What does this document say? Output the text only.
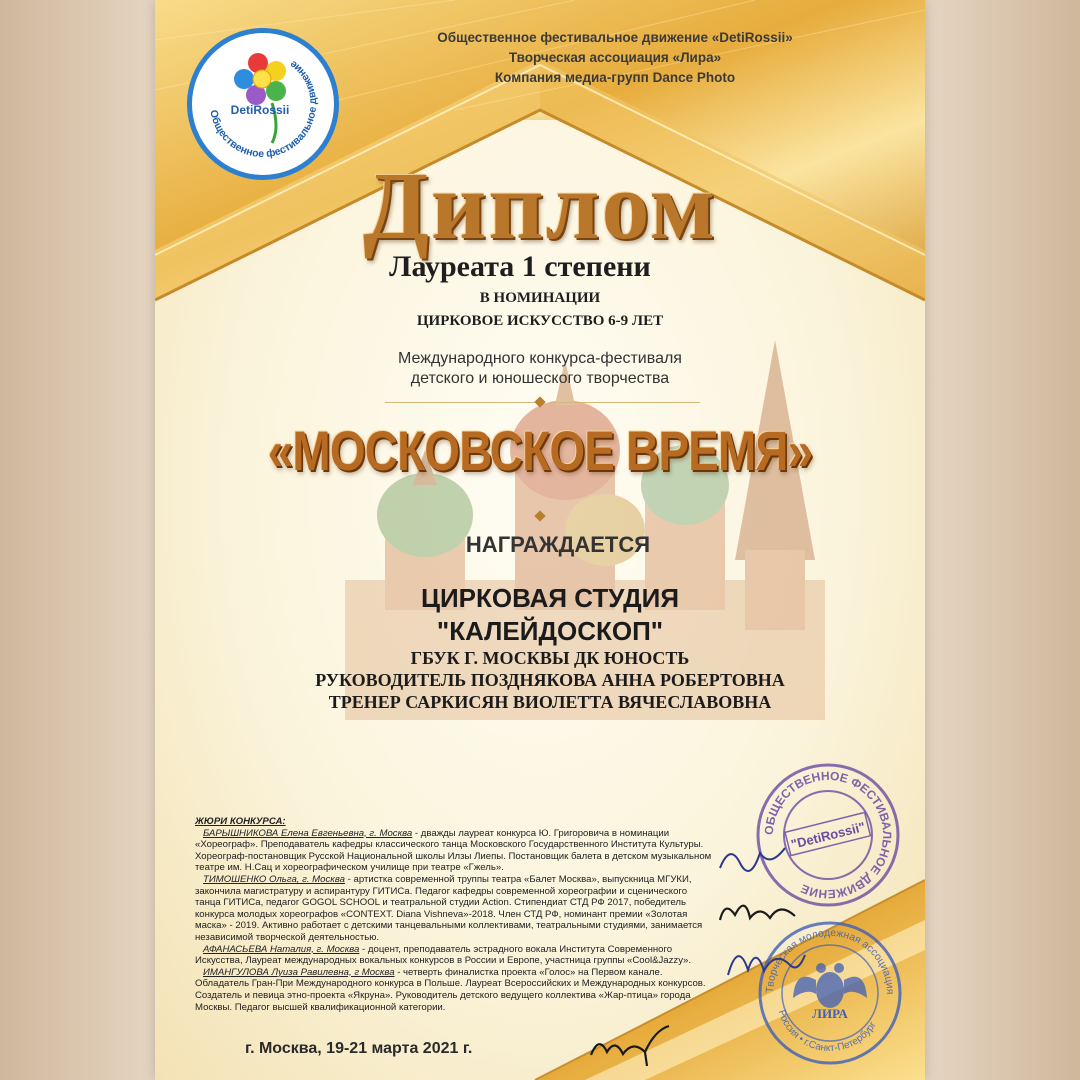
Общественное фестивальное движение
DetiRossii
Общественное фестивальное движение «DetiRossii»
Творческая ассоциация «Лира»
Компания медиа-групп Dance Photo
Диплом
Лауреата 1 степени
В НОМИНАЦИИ
ЦИРКОВОЕ ИСКУССТВО 6-9 ЛЕТ
Международного конкурса-фестиваля
детского и юношеского творчества
«МОСКОВСКОЕ ВРЕМЯ»
НАГРАЖДАЕТСЯ
ЦИРКОВАЯ СТУДИЯ
"КАЛЕЙДОСКОП"
ГБУК Г. МОСКВЫ ДК ЮНОСТЬ
РУКОВОДИТЕЛЬ ПОЗДНЯКОВА АННА РОБЕРТОВНА
ТРЕНЕР САРКИСЯН ВИОЛЕТТА ВЯЧЕСЛАВОВНА

ЖЮРИ КОНКУРСА:

БАРЫШНИКОВА Елена Евгеньевна, г. Москва - дважды лауреат конкурса Ю. Григоровича в номинации «Хореограф». Преподаватель кафедры классического танца Московского Государственного Института Культуры. Хореограф-постановщик Русской Национальной школы Илзы Лиепы. Постановщик балета в детском музыкальном театре им. Н.Сац и хореографическом училище при театре «Гжель».

ТИМОШЕНКО Ольга, г. Москва - артистка современной труппы театра «Балет Москва», выпускница МГУКИ, закончила магистратуру и аспирантуру ГИТИСа. Педагог кафедры современной хореографии и сценического танца ГИТИСа, педагог GOGOL SCHOOL и театральной студии Action. Стипендиат СТД РФ 2017, победитель конкурса молодых хореографов «CONTEXT. Diana Vishneva»-2018. Член СТД РФ, номинант премии «Золотая маска» - 2019. Активно работает с детскими танцевальными коллективами, театральными студиями, занимается независимой творческой деятельностью.

АФАНАСЬЕВА Наталия, г. Москва - доцент, преподаватель эстрадного вокала Института Современного Искусства, Лауреат международных вокальных конкурсов в России и Европе, участница группы «Cool&Jazzy».

ИМАНГУЛОВА Луиза Равилевна, г Москва - четверть финалистка проекта «Голос» на Первом канале. Обладатель Гран-При Международного конкурса в Польше. Лауреат Всероссийских и Международных конкурсов. Создатель и певица этно-проекта «Якруна». Руководитель детского ведущего коллектива «Жар-птица» города Москвы. Педагог высшей квалификационной категории.

г. Москва, 19-21 марта 2021 г.
ОБЩЕСТВЕННОЕ ФЕСТИВАЛЬНОЕ ДВИЖЕНИЕ
"DetiRossii"
Творческая молодежная ассоциация
Россия • г.Санкт-Петербург
ЛИРА
